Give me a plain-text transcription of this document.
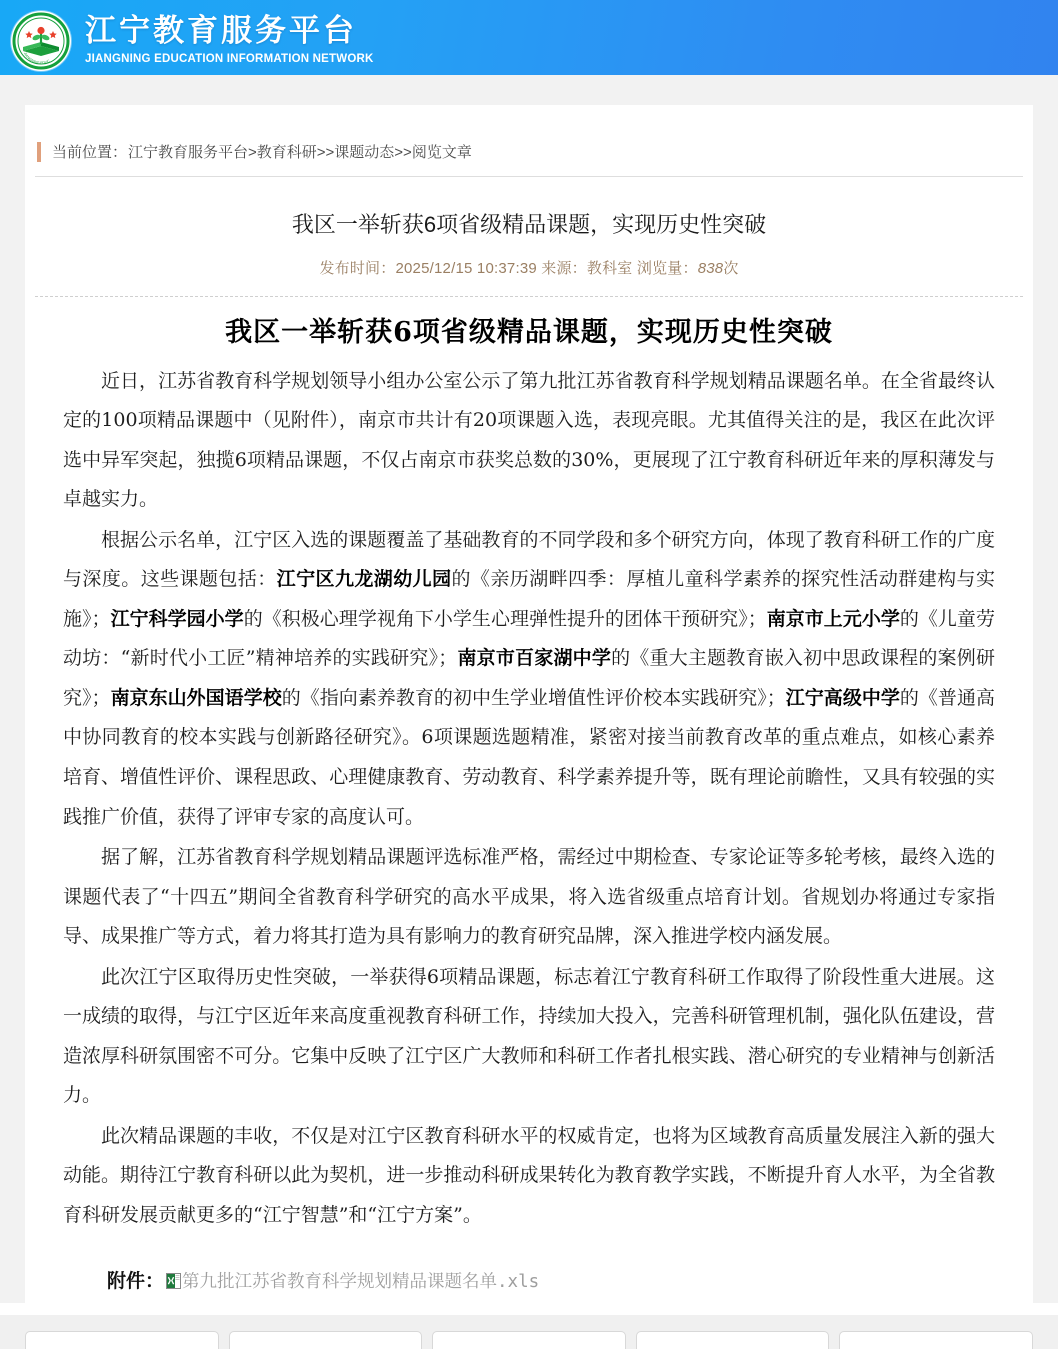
JIANGNING EDUC
江宁教育服务平台
JIANGNING EDUCATION INFORMATION NETWORK
当前位置： 江宁教育服务平台>教育科研>>课题动态>>阅览文章
我区一举斩获6项省级精品课题，实现历史性突破
发布时间：2025/12/15 10:37:39 来源：教科室 浏览量：838次
我区一举斩获6项省级精品课题，实现历史性突破

近日，江苏省教育科学规划领导小组办公室公示了第九批江苏省教育科学规划精品课题名单。在全省最终认定的100项精品课题中（见附件），南京市共计有20项课题入选，表现亮眼。尤其值得关注的是，我区在此次评选中异军突起，独揽6项精品课题，不仅占南京市获奖总数的30%，更展现了江宁教育科研近年来的厚积薄发与卓越实力。

根据公示名单，江宁区入选的课题覆盖了基础教育的不同学段和多个研究方向，体现了教育科研工作的广度与深度。这些课题包括：江宁区九龙湖幼儿园的《亲历湖畔四季：厚植儿童科学素养的探究性活动群建构与实施》；江宁科学园小学的《积极心理学视角下小学生心理弹性提升的团体干预研究》；南京市上元小学的《儿童劳动坊：“新时代小工匠”精神培养的实践研究》；南京市百家湖中学的《重大主题教育嵌入初中思政课程的案例研究》；南京东山外国语学校的《指向素养教育的初中生学业增值性评价校本实践研究》；江宁高级中学的《普通高中协同教育的校本实践与创新路径研究》。6项课题选题精准，紧密对接当前教育改革的重点难点，如核心素养培育、增值性评价、课程思政、心理健康教育、劳动教育、科学素养提升等，既有理论前瞻性，又具有较强的实践推广价值，获得了评审专家的高度认可。

据了解，江苏省教育科学规划精品课题评选标准严格，需经过中期检查、专家论证等多轮考核，最终入选的课题代表了“十四五”期间全省教育科学研究的高水平成果，将入选省级重点培育计划。省规划办将通过专家指导、成果推广等方式，着力将其打造为具有影响力的教育研究品牌，深入推进学校内涵发展。

此次江宁区取得历史性突破，一举获得6项精品课题，标志着江宁教育科研工作取得了阶段性重大进展。这一成绩的取得，与江宁区近年来高度重视教育科研工作，持续加大投入，完善科研管理机制，强化队伍建设，营造浓厚科研氛围密不可分。它集中反映了江宁区广大教师和科研工作者扎根实践、潜心研究的专业精神与创新活力。

此次精品课题的丰收，不仅是对江宁区教育科研水平的权威肯定，也将为区域教育高质量发展注入新的强大动能。期待江宁教育科研以此为契机，进一步推动科研成果转化为教育教学实践，不断提升育人水平，为全省教育科研发展贡献更多的“江宁智慧”和“江宁方案”。

附件： 第九批江苏省教育科学规划精品课题名单.xls
